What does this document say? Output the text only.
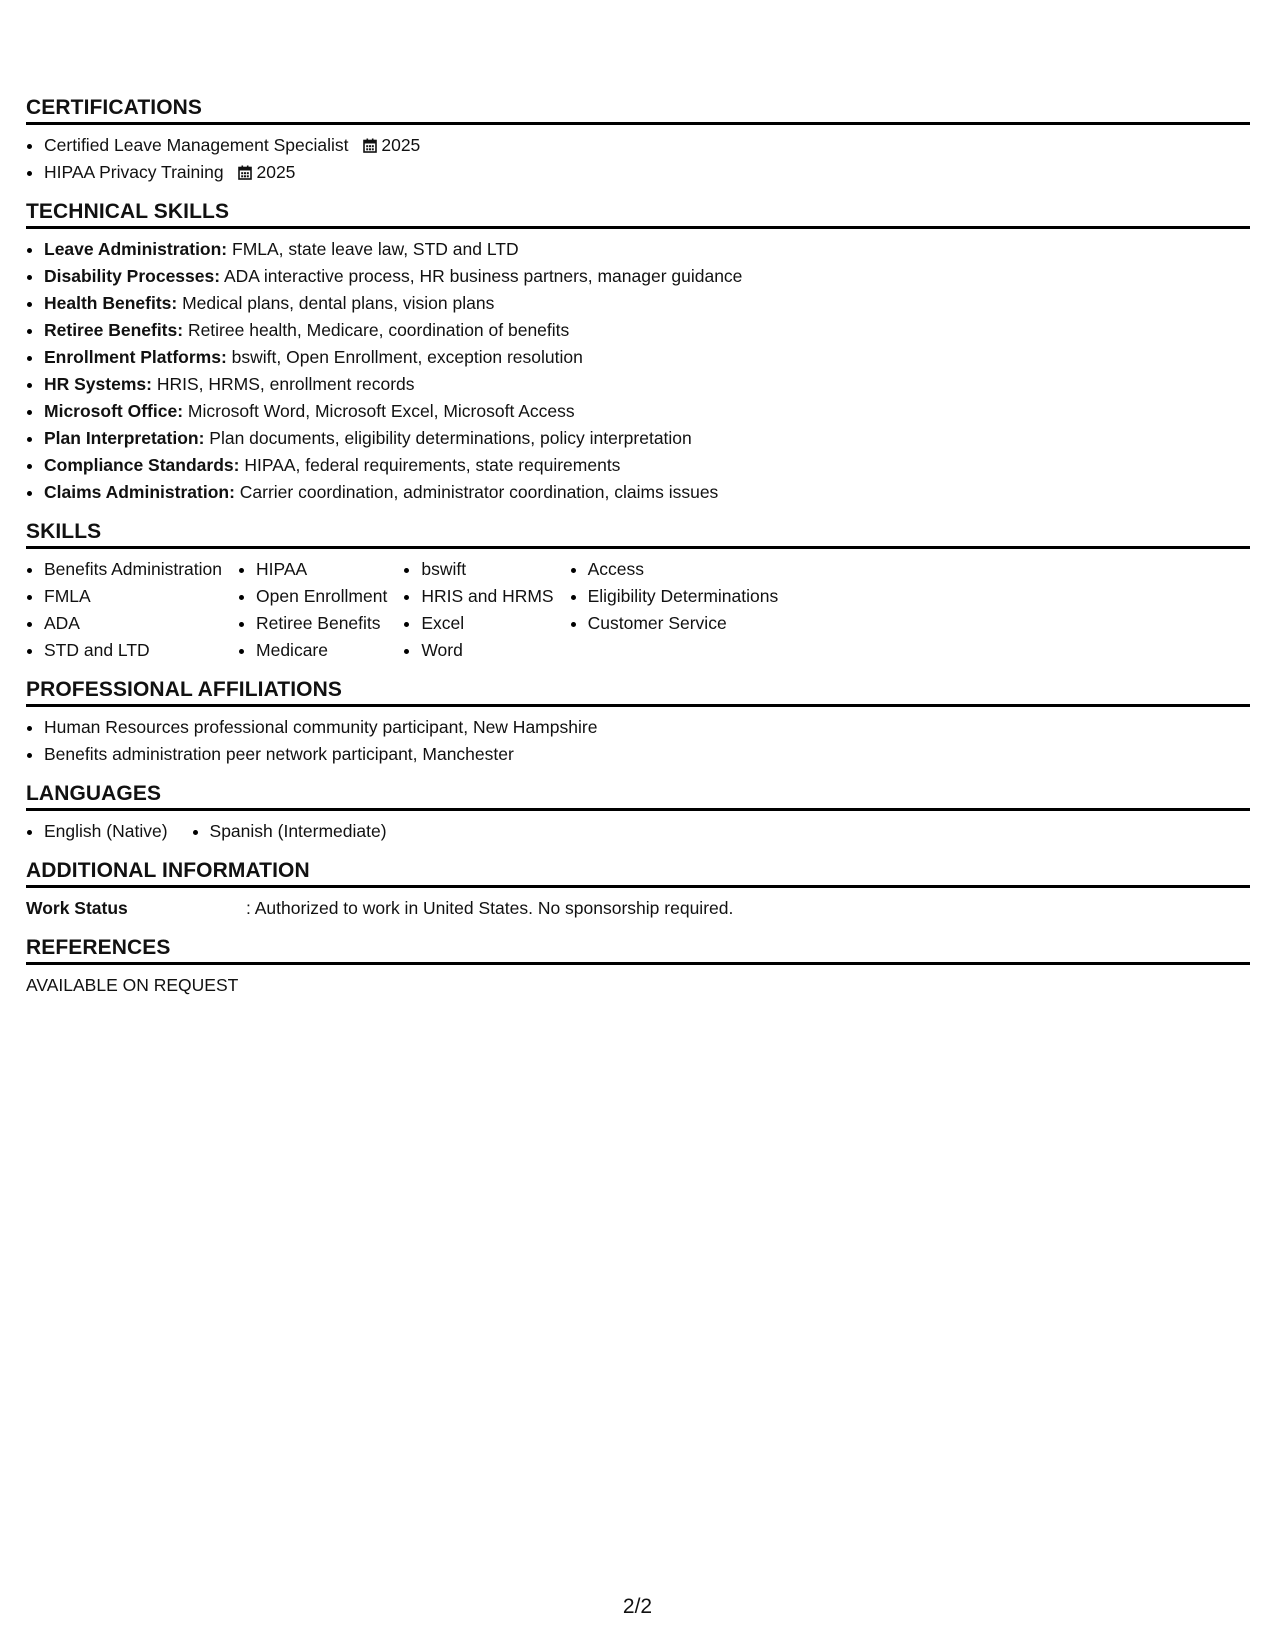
CERTIFICATIONS
Certified Leave Management Specialist 2025
HIPAA Privacy Training 2025
TECHNICAL SKILLS
Leave Administration: FMLA, state leave law, STD and LTD
Disability Processes: ADA interactive process, HR business partners, manager guidance
Health Benefits: Medical plans, dental plans, vision plans
Retiree Benefits: Retiree health, Medicare, coordination of benefits
Enrollment Platforms: bswift, Open Enrollment, exception resolution
HR Systems: HRIS, HRMS, enrollment records
Microsoft Office: Microsoft Word, Microsoft Excel, Microsoft Access
Plan Interpretation: Plan documents, eligibility determinations, policy interpretation
Compliance Standards: HIPAA, federal requirements, state requirements
Claims Administration: Carrier coordination, administrator coordination, claims issues
SKILLS
Benefits Administration
FMLA
ADA
STD and LTD
HIPAA
Open Enrollment
Retiree Benefits
Medicare
bswift
HRIS and HRMS
Excel
Word
Access
Eligibility Determinations
Customer Service
PROFESSIONAL AFFILIATIONS
Human Resources professional community participant, New Hampshire
Benefits administration peer network participant, Manchester
LANGUAGES
English (Native) Spanish (Intermediate)
ADDITIONAL INFORMATION
Work Status	: Authorized to work in United States. No sponsorship required.
REFERENCES

AVAILABLE ON REQUEST

2/2
